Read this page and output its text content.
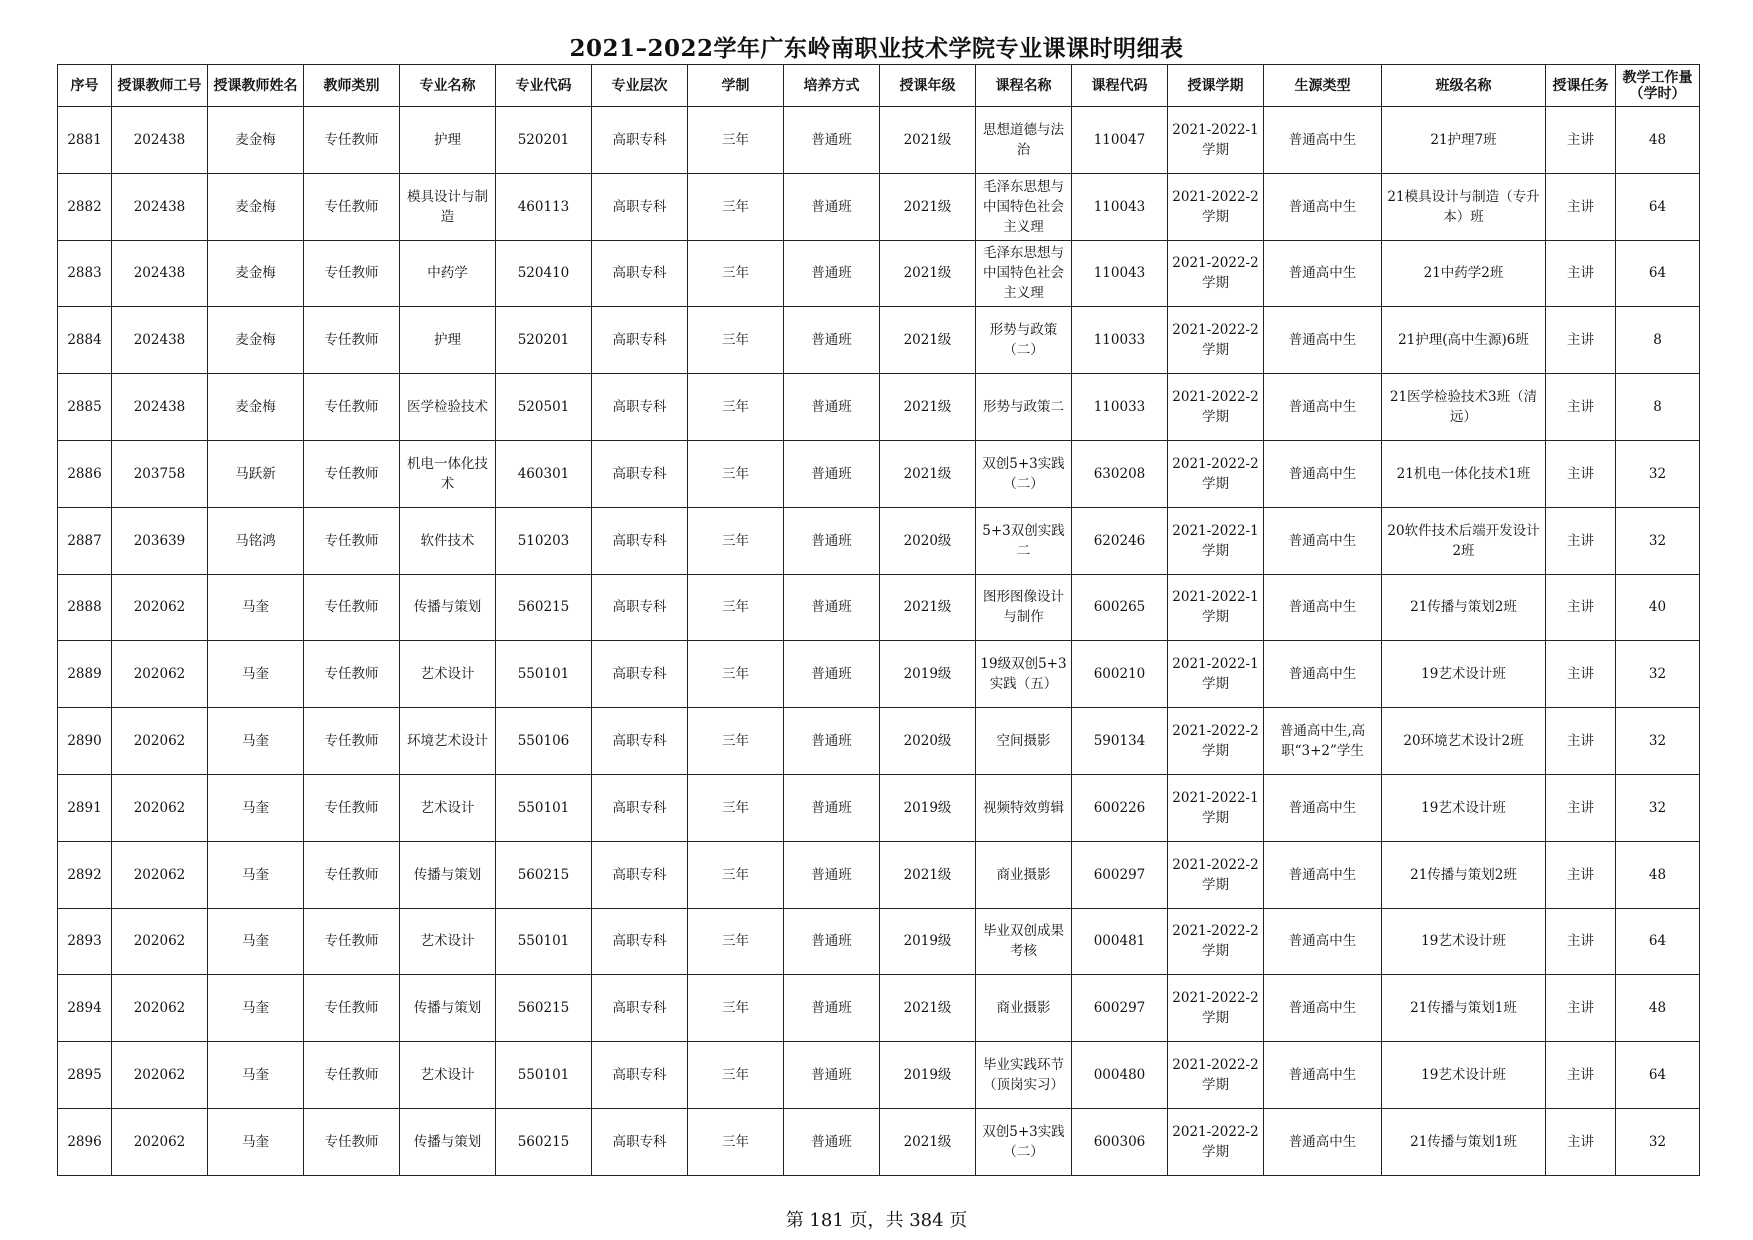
2021–2022学年广东岭南职业技术学院专业课课时明细表
序号	授课教师工号	授课教师姓名	教师类别	专业名称	专业代码	专业层次	学制	培养方式	授课年级	课程名称	课程代码	授课学期	生源类型	班级名称	授课任务	教学工作量（学时）

2881	202438	麦金梅	专任教师	护理	520201	高职专科	三年	普通班	2021级	思想道德与法治	110047	2021-2022-1学期	普通高中生	21护理7班	主讲	48

2882	202438	麦金梅	专任教师	模具设计与制造	460113	高职专科	三年	普通班	2021级	毛泽东思想与中国特色社会主义理	110043	2021-2022-2学期	普通高中生	21模具设计与制造（专升本）班	主讲	64

2883	202438	麦金梅	专任教师	中药学	520410	高职专科	三年	普通班	2021级	毛泽东思想与中国特色社会主义理	110043	2021-2022-2学期	普通高中生	21中药学2班	主讲	64

2884	202438	麦金梅	专任教师	护理	520201	高职专科	三年	普通班	2021级	形势与政策（二）	110033	2021-2022-2学期	普通高中生	21护理(高中生源)6班	主讲	8

2885	202438	麦金梅	专任教师	医学检验技术	520501	高职专科	三年	普通班	2021级	形势与政策二	110033	2021-2022-2学期	普通高中生	21医学检验技术3班（清远）	主讲	8

2886	203758	马跃新	专任教师	机电一体化技术	460301	高职专科	三年	普通班	2021级	双创5+3实践（二）	630208	2021-2022-2学期	普通高中生	21机电一体化技术1班	主讲	32

2887	203639	马铭鸿	专任教师	软件技术	510203	高职专科	三年	普通班	2020级	5+3双创实践二	620246	2021-2022-1学期	普通高中生	20软件技术后端开发设计2班	主讲	32

2888	202062	马奎	专任教师	传播与策划	560215	高职专科	三年	普通班	2021级	图形图像设计与制作	600265	2021-2022-1学期	普通高中生	21传播与策划2班	主讲	40

2889	202062	马奎	专任教师	艺术设计	550101	高职专科	三年	普通班	2019级	19级双创5+3实践（五）	600210	2021-2022-1学期	普通高中生	19艺术设计班	主讲	32

2890	202062	马奎	专任教师	环境艺术设计	550106	高职专科	三年	普通班	2020级	空间摄影	590134	2021-2022-2学期	普通高中生,高职“3+2”学生	20环境艺术设计2班	主讲	32

2891	202062	马奎	专任教师	艺术设计	550101	高职专科	三年	普通班	2019级	视频特效剪辑	600226	2021-2022-1学期	普通高中生	19艺术设计班	主讲	32

2892	202062	马奎	专任教师	传播与策划	560215	高职专科	三年	普通班	2021级	商业摄影	600297	2021-2022-2学期	普通高中生	21传播与策划2班	主讲	48

2893	202062	马奎	专任教师	艺术设计	550101	高职专科	三年	普通班	2019级	毕业双创成果考核	000481	2021-2022-2学期	普通高中生	19艺术设计班	主讲	64

2894	202062	马奎	专任教师	传播与策划	560215	高职专科	三年	普通班	2021级	商业摄影	600297	2021-2022-2学期	普通高中生	21传播与策划1班	主讲	48

2895	202062	马奎	专任教师	艺术设计	550101	高职专科	三年	普通班	2019级	毕业实践环节（顶岗实习）	000480	2021-2022-2学期	普通高中生	19艺术设计班	主讲	64

2896	202062	马奎	专任教师	传播与策划	560215	高职专科	三年	普通班	2021级	双创5+3实践（二）	600306	2021-2022-2学期	普通高中生	21传播与策划1班	主讲	32
第 181 页，共 384 页
